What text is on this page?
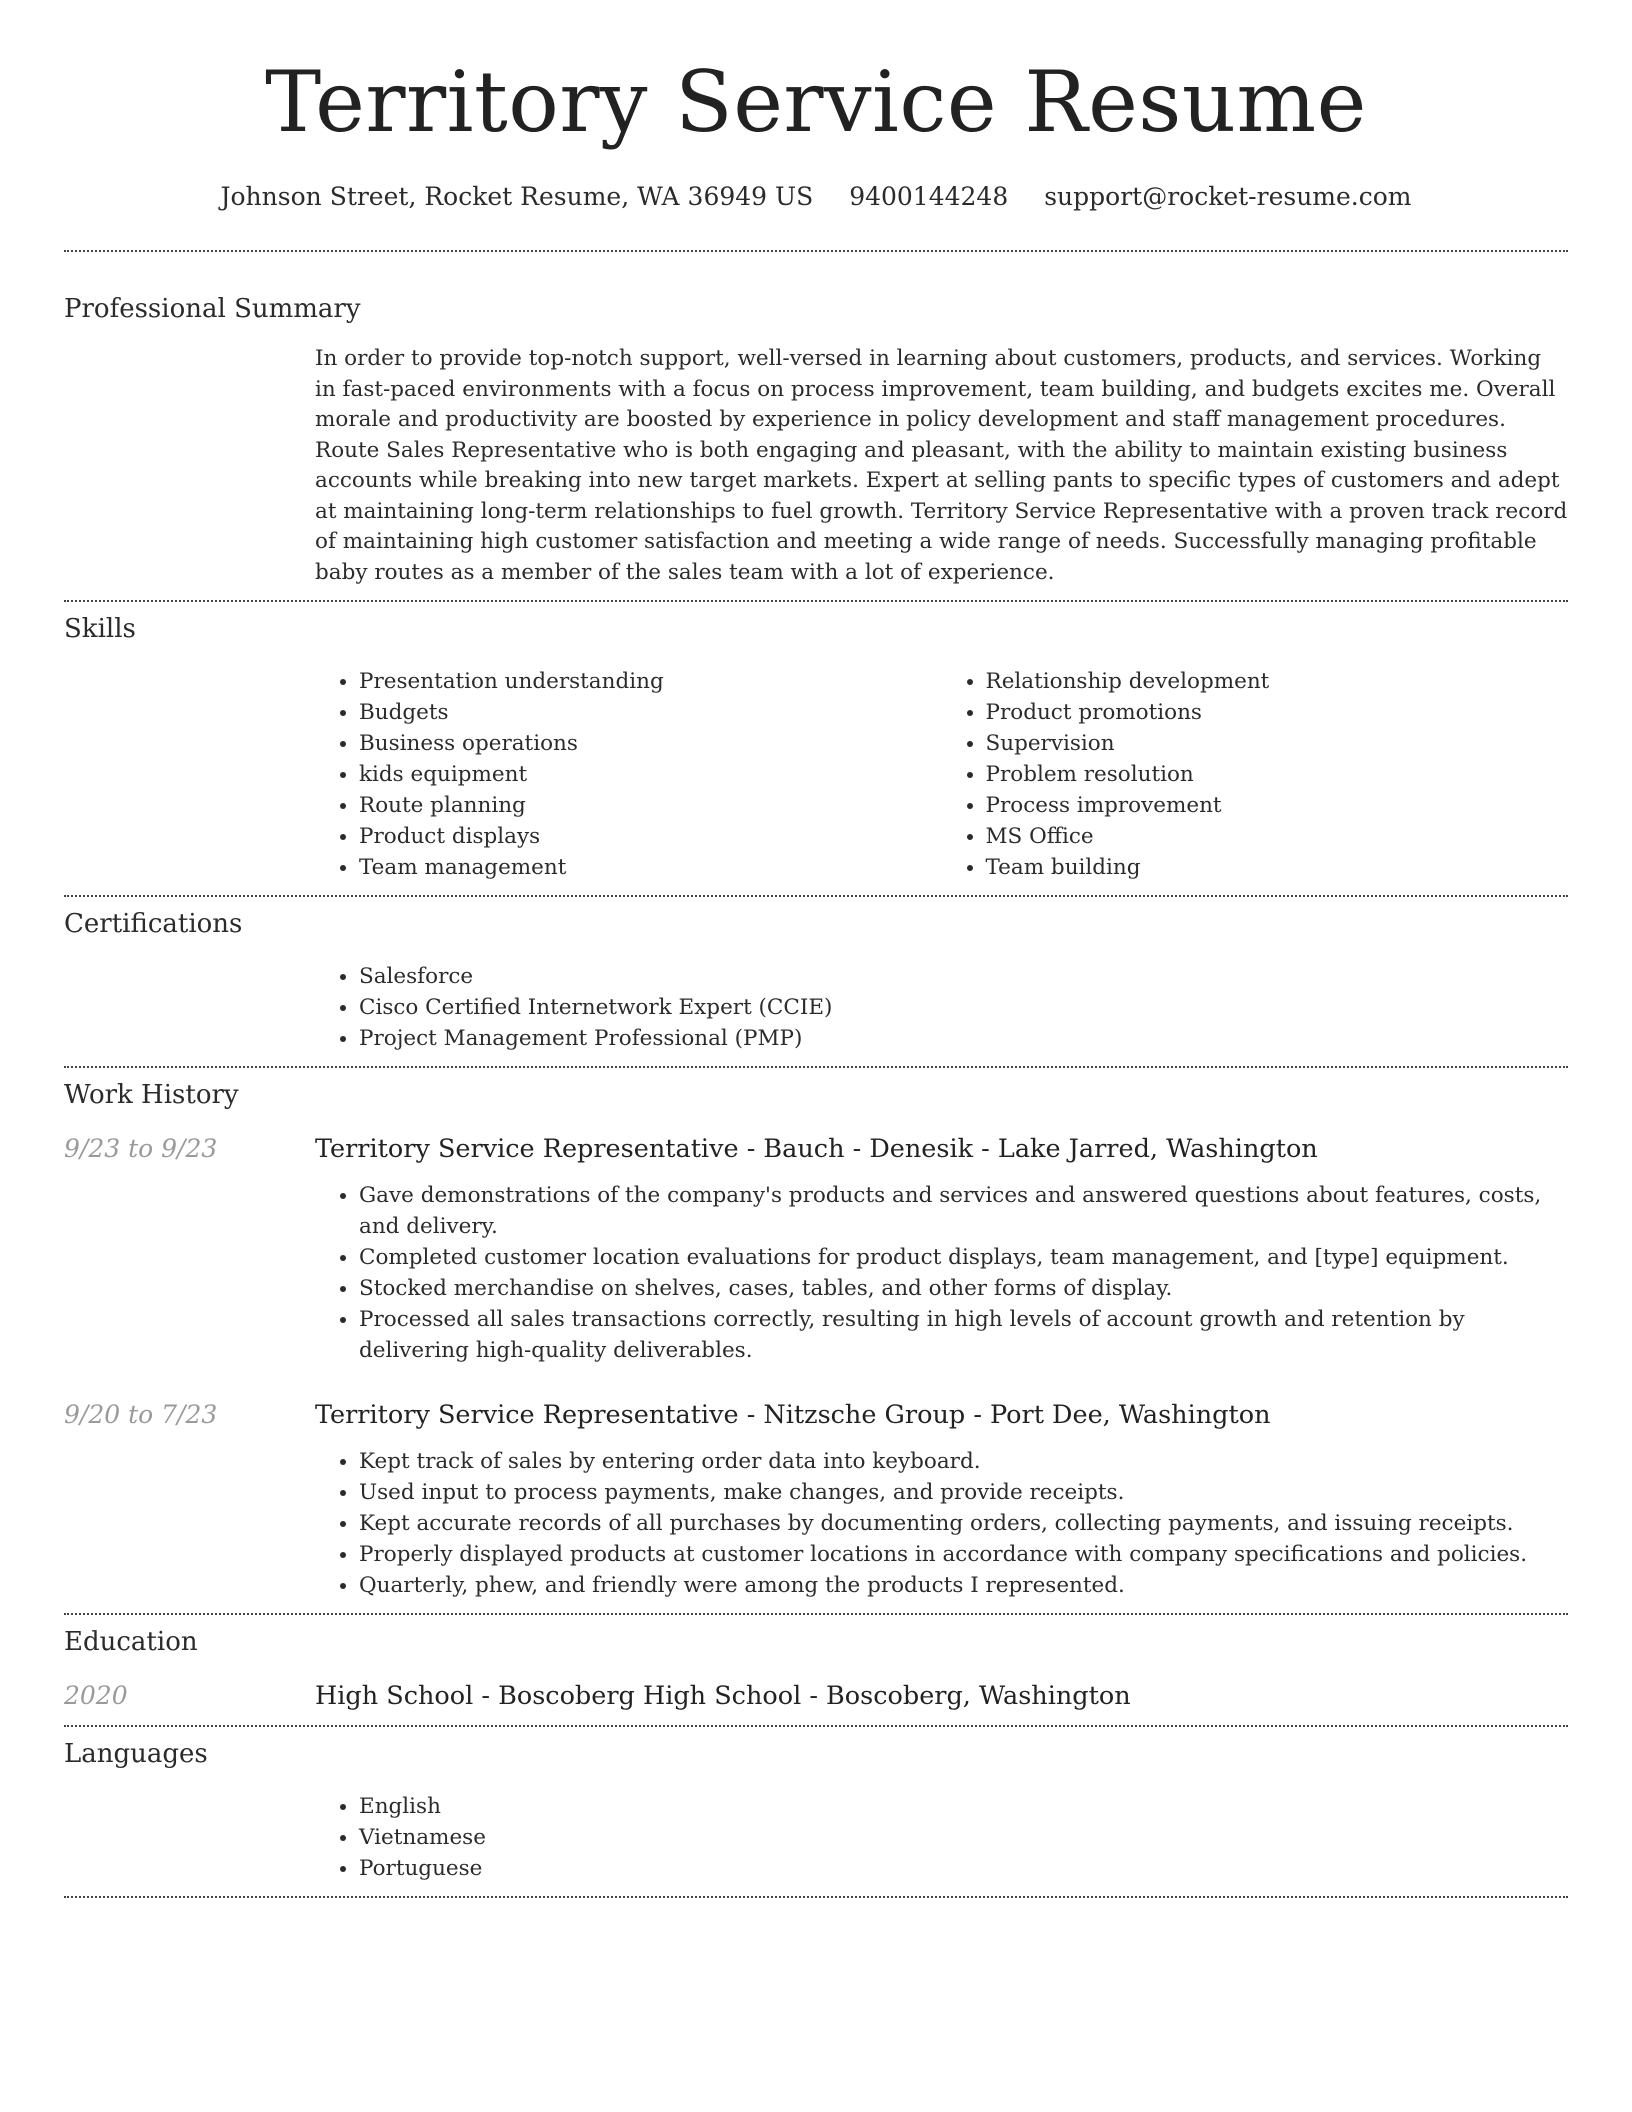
Territory Service Resume
Johnson Street, Rocket Resume, WA 36949 US 9400144248 support@rocket-resume.com
Professional Summary

In order to provide top-notch support, well-versed in learning about customers, products, and services. Working in fast-paced environments with a focus on process improvement, team building, and budgets excites me. Overall morale and productivity are boosted by experience in policy development and staff management procedures. Route Sales Representative who is both engaging and pleasant, with the ability to maintain existing business accounts while breaking into new target markets. Expert at selling pants to specific types of customers and adept at maintaining long-term relationships to fuel growth. Territory Service Representative with a proven track record of maintaining high customer satisfaction and meeting a wide range of needs. Successfully managing profitable baby routes as a member of the sales team with a lot of experience.

Skills
• Presentation understanding
• Budgets
• Business operations
• kids equipment
• Route planning
• Product displays
• Team management
• Relationship development
• Product promotions
• Supervision
• Problem resolution
• Process improvement
• MS Office
• Team building
Certifications
• Salesforce
• Cisco Certified Internetwork Expert (CCIE)
• Project Management Professional (PMP)
Work History
9/23 to 9/23	Territory Service Representative - Bauch - Denesik - Lake Jarred, Washington

• Gave demonstrations of the company's products and services and answered questions about features, costs, and delivery.
• Completed customer location evaluations for product displays, team management, and [type] equipment.
• Stocked merchandise on shelves, cases, tables, and other forms of display.
• Processed all sales transactions correctly, resulting in high levels of account growth and retention by delivering high-quality deliverables.
9/20 to 7/23	Territory Service Representative - Nitzsche Group - Port Dee, Washington

• Kept track of sales by entering order data into keyboard.
• Used input to process payments, make changes, and provide receipts.
• Kept accurate records of all purchases by documenting orders, collecting payments, and issuing receipts.
• Properly displayed products at customer locations in accordance with company specifications and policies.
• Quarterly, phew, and friendly were among the products I represented.
Education
2020	High School - Boscoberg High School - Boscoberg, Washington

Languages
• English
• Vietnamese
• Portuguese
